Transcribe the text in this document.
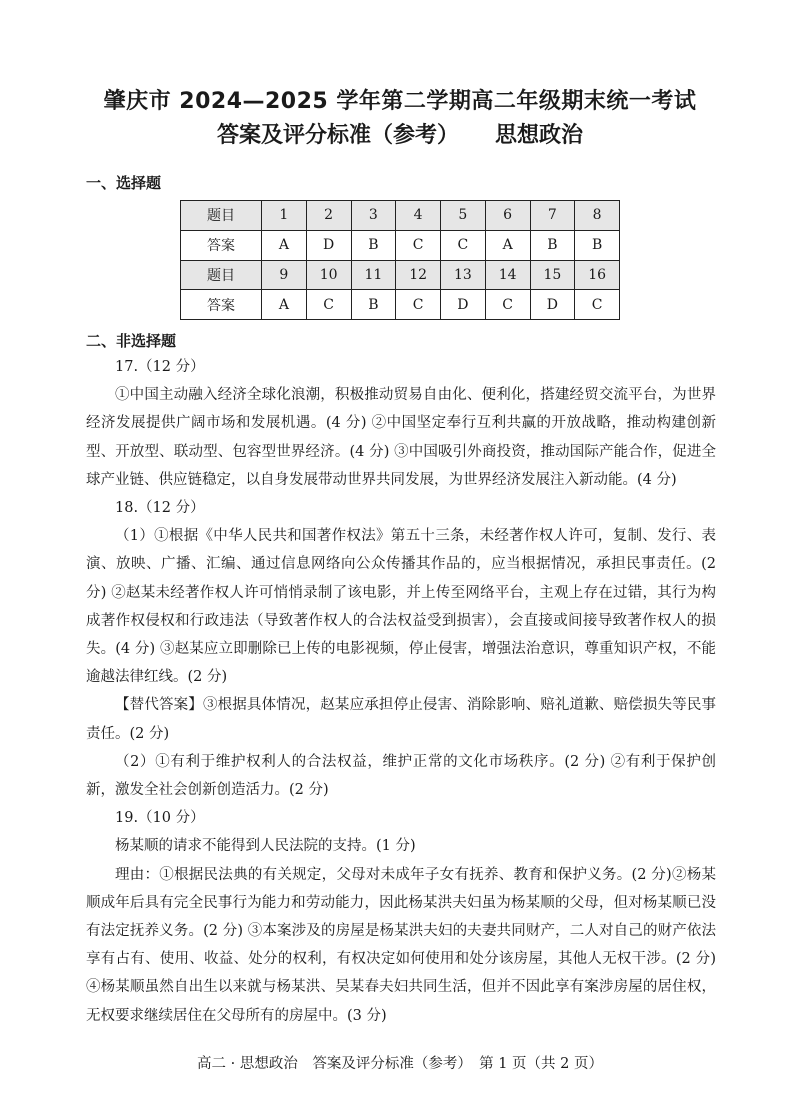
肇庆市 2024—2025 学年第二学期高二年级期末统一考试
答案及评分标准（参考） 思想政治
一、选择题
题目	1	2	3	4	5	6	7	8
答案	A	D	B	C	C	A	B	B
题目	9	10	11	12	13	14	15	16
答案	A	C	B	C	D	C	D	C
二、非选择题

17.（12 分）

①中国主动融入经济全球化浪潮，积极推动贸易自由化、便利化，搭建经贸交流平台，为世界经济发展提供广阔市场和发展机遇。(4 分) ②中国坚定奉行互利共赢的开放战略，推动构建创新型、开放型、联动型、包容型世界经济。(4 分) ③中国吸引外商投资，推动国际产能合作，促进全球产业链、供应链稳定，以自身发展带动世界共同发展，为世界经济发展注入新动能。(4 分)

18.（12 分）

（1）①根据《中华人民共和国著作权法》第五十三条，未经著作权人许可，复制、发行、表演、放映、广播、汇编、通过信息网络向公众传播其作品的，应当根据情况，承担民事责任。(2 分) ②赵某未经著作权人许可悄悄录制了该电影，并上传至网络平台，主观上存在过错，其行为构成著作权侵权和行政违法（导致著作权人的合法权益受到损害），会直接或间接导致著作权人的损失。(4 分) ③赵某应立即删除已上传的电影视频，停止侵害，增强法治意识，尊重知识产权，不能逾越法律红线。(2 分)

【替代答案】③根据具体情况，赵某应承担停止侵害、消除影响、赔礼道歉、赔偿损失等民事责任。(2 分)

（2）①有利于维护权利人的合法权益，维护正常的文化市场秩序。(2 分) ②有利于保护创新，激发全社会创新创造活力。(2 分)

19.（10 分）

杨某顺的请求不能得到人民法院的支持。(1 分)

理由：①根据民法典的有关规定，父母对未成年子女有抚养、教育和保护义务。(2 分)②杨某顺成年后具有完全民事行为能力和劳动能力，因此杨某洪夫妇虽为杨某顺的父母，但对杨某顺已没有法定抚养义务。(2 分) ③本案涉及的房屋是杨某洪夫妇的夫妻共同财产，二人对自己的财产依法享有占有、使用、收益、处分的权利，有权决定如何使用和处分该房屋，其他人无权干涉。(2 分) ④杨某顺虽然自出生以来就与杨某洪、吴某春夫妇共同生活，但并不因此享有案涉房屋的居住权，无权要求继续居住在父母所有的房屋中。(3 分)

高二 · 思想政治　答案及评分标准（参考）　第 1 页（共 2 页）
